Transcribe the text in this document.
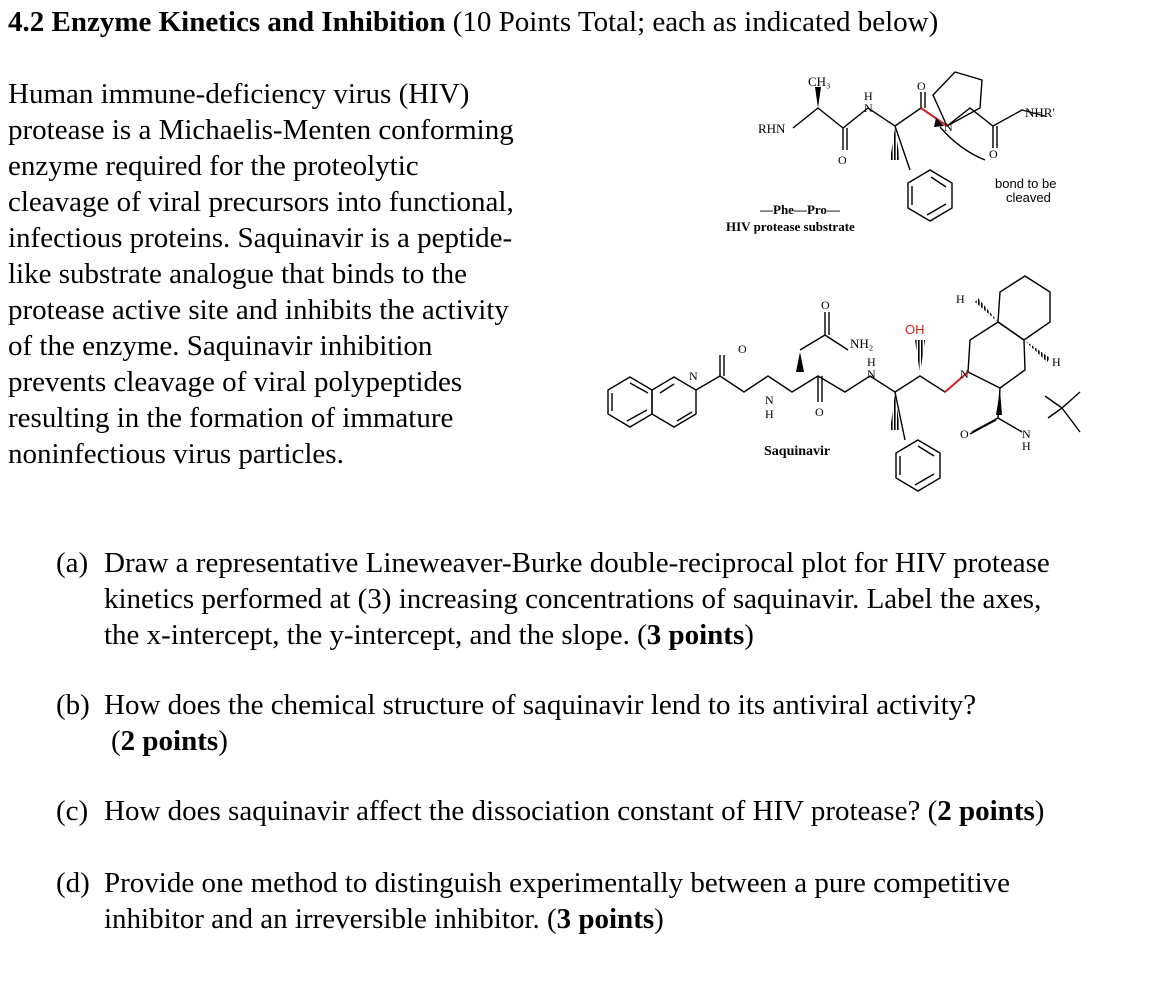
4.2 Enzyme Kinetics and Inhibition (10 Points Total; each as indicated below)

Human immune-deficiency virus (HIV)
protease is a Michaelis-Menten conforming
enzyme required for the proteolytic
cleavage of viral precursors into functional,
infectious proteins. Saquinavir is a peptide-
like substrate analogue that binds to the
protease active site and inhibits the activity
of the enzyme. Saquinavir inhibition
prevents cleavage of viral polypeptides
resulting in the formation of immature
noninfectious virus particles.

CH₃
RHN
O
H
N
O
N
O
NHR'
bond to be
cleaved
—Phe—Pro—
HIV protease substrate
N
O
N
H
O
NH₂
O
H
N
OH
N
H
H
O	N
H
Saquinavir
(a) Draw a representative Lineweaver-Burke double-reciprocal plot for HIV protease
kinetics performed at (3) increasing concentrations of saquinavir. Label the axes,
the x-intercept, the y-intercept, and the slope. (3 points)
(b) How does the chemical structure of saquinavir lend to its antiviral activity?
(2 points)
(c) How does saquinavir affect the dissociation constant of HIV protease? (2 points)
(d) Provide one method to distinguish experimentally between a pure competitive
inhibitor and an irreversible inhibitor. (3 points)
